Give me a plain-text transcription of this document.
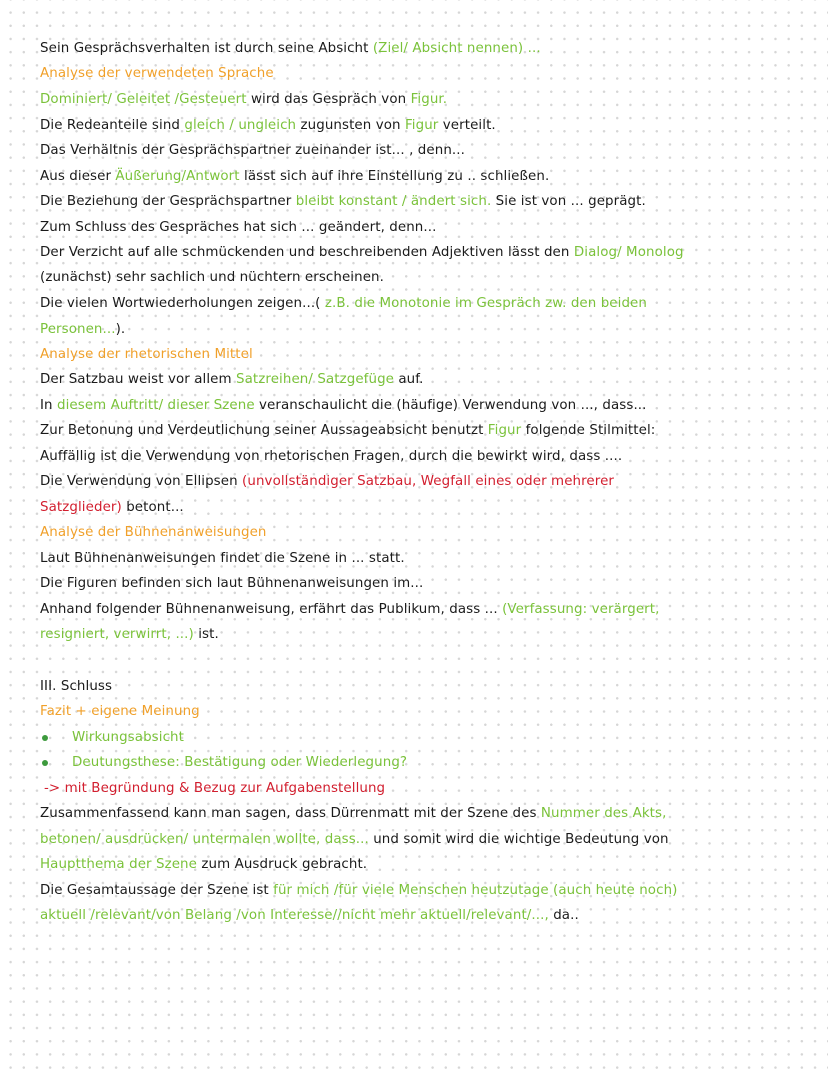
Sein Gesprächsverhalten ist durch seine Absicht (Ziel/ Absicht nennen) ...
Analyse der verwendeten Sprache
Dominiert/ Geleitet /Gesteuert wird das Gespräch von Figur.
Die Redeanteile sind gleich / ungleich zugunsten von Figur verteilt.
Das Verhältnis der Gesprächspartner zueinander ist... , denn...
Aus dieser Äußerung/Antwort lässt sich auf ihre Einstellung zu .. schließen.
Die Beziehung der Gesprächspartner bleibt konstant / ändert sich. Sie ist von ... geprägt.
Zum Schluss des Gespräches hat sich ... geändert, denn...
Der Verzicht auf alle schmückenden und beschreibenden Adjektiven lässt den Dialog/ Monolog
(zunächst) sehr sachlich und nüchtern erscheinen.
Die vielen Wortwiederholungen zeigen...( z.B. die Monotonie im Gespräch zw. den beiden
Personen...).
Analyse der rhetorischen Mittel
Der Satzbau weist vor allem Satzreihen/ Satzgefüge auf.
In diesem Auftritt/ dieser Szene veranschaulicht die (häufige) Verwendung von ..., dass...
Zur Betonung und Verdeutlichung seiner Aussageabsicht benutzt Figur folgende Stilmittel:
Auffällig ist die Verwendung von rhetorischen Fragen, durch die bewirkt wird, dass ....
Die Verwendung von Ellipsen (unvollständiger Satzbau, Wegfall eines oder mehrerer
Satzglieder) betont...
Analyse der Bühnenanweisungen
Laut Bühnenanweisungen findet die Szene in ... statt.
Die Figuren befinden sich laut Bühnenanweisungen im...
Anhand folgender Bühnenanweisung, erfährt das Publikum, dass ... (Verfassung: verärgert,
resigniert, verwirrt, ...) ist.
III. Schluss
Fazit + eigene Meinung
Wirkungsabsicht
Deutungsthese: Bestätigung oder Wiederlegung?
-> mit Begründung & Bezug zur Aufgabenstellung
Zusammenfassend kann man sagen, dass Dürrenmatt mit der Szene des Nummer des Akts,
betonen/ ausdrücken/ untermalen wollte, dass... und somit wird die wichtige Bedeutung von
Hauptthema der Szene zum Ausdruck gebracht.
Die Gesamtaussage der Szene ist für mich /für viele Menschen heutzutage (auch heute noch)
aktuell /relevant/von Belang /von Interesse//nicht mehr aktuell/relevant/..., da..
